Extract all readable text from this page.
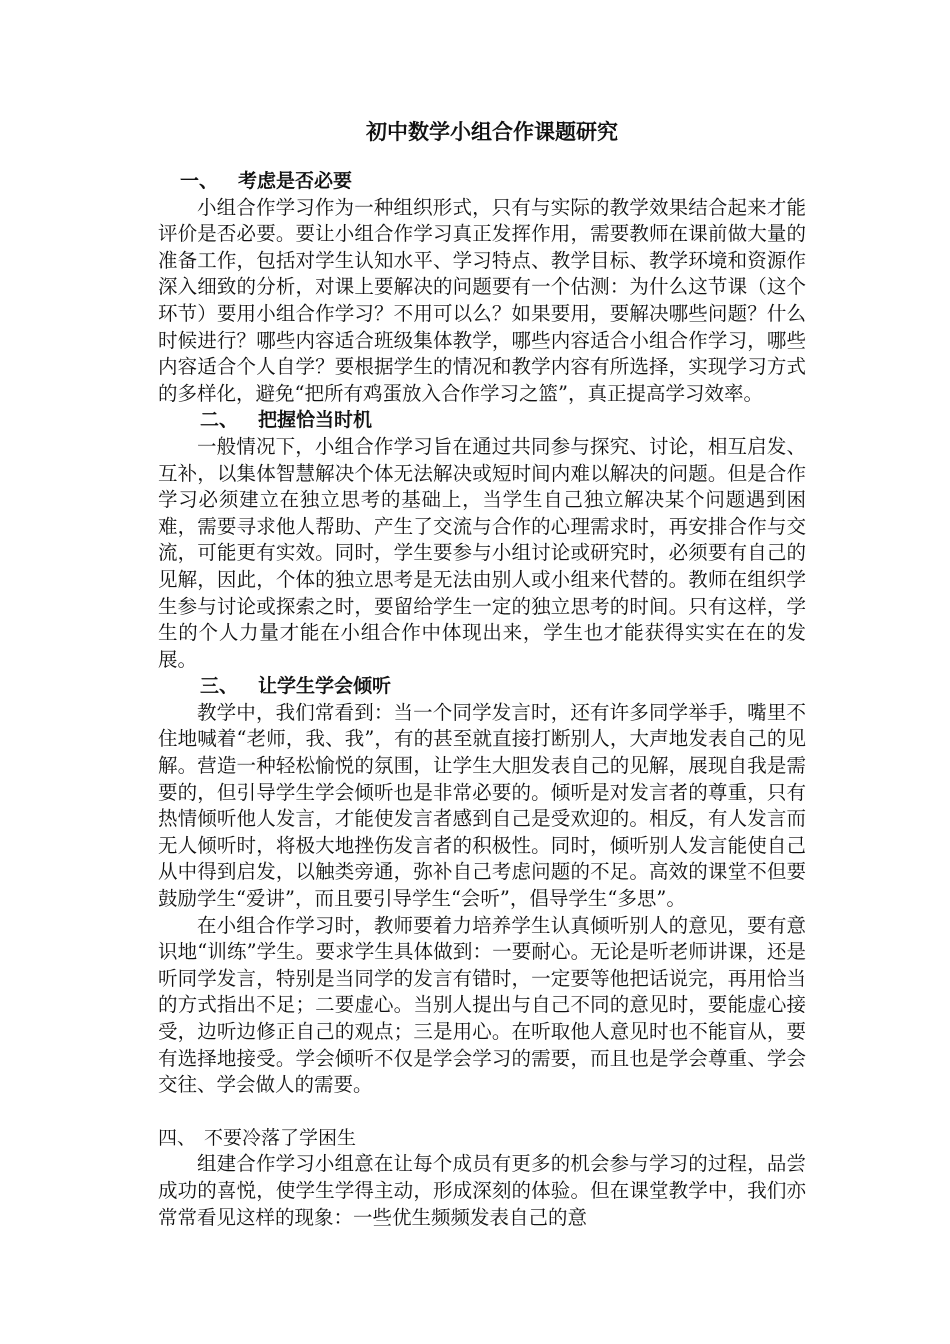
初中数学小组合作课题研究

一、 考虑是否必要

小组合作学习作为一种组织形式，只有与实际的教学效果结合起来才能评价是否必要。要让小组合作学习真正发挥作用，需要教师在课前做大量的准备工作，包括对学生认知水平、学习特点、教学目标、教学环境和资源作深入细致的分析，对课上要解决的问题要有一个估测：为什么这节课（这个环节）要用小组合作学习？不用可以么？如果要用，要解决哪些问题？什么时候进行？哪些内容适合班级集体教学，哪些内容适合小组合作学习，哪些内容适合个人自学？要根据学生的情况和教学内容有所选择，实现学习方式的多样化，避免“把所有鸡蛋放入合作学习之篮”，真正提高学习效率。

二、 把握恰当时机

一般情况下，小组合作学习旨在通过共同参与探究、讨论，相互启发、互补，以集体智慧解决个体无法解决或短时间内难以解决的问题。但是合作学习必须建立在独立思考的基础上，当学生自己独立解决某个问题遇到困难，需要寻求他人帮助、产生了交流与合作的心理需求时，再安排合作与交流，可能更有实效。同时，学生要参与小组讨论或研究时，必须要有自己的见解，因此，个体的独立思考是无法由别人或小组来代替的。教师在组织学生参与讨论或探索之时，要留给学生一定的独立思考的时间。只有这样，学生的个人力量才能在小组合作中体现出来，学生也才能获得实实在在的发展。

三、 让学生学会倾听

教学中，我们常看到：当一个同学发言时，还有许多同学举手，嘴里不住地喊着“老师，我、我”，有的甚至就直接打断别人，大声地发表自己的见解。营造一种轻松愉悦的氛围，让学生大胆发表自己的见解，展现自我是需要的，但引导学生学会倾听也是非常必要的。倾听是对发言者的尊重，只有热情倾听他人发言，才能使发言者感到自己是受欢迎的。相反，有人发言而无人倾听时，将极大地挫伤发言者的积极性。同时，倾听别人发言能使自己从中得到启发，以触类旁通，弥补自己考虑问题的不足。高效的课堂不但要鼓励学生“爱讲”，而且要引导学生“会听”，倡导学生“多思”。

在小组合作学习时，教师要着力培养学生认真倾听别人的意见，要有意识地“训练”学生。要求学生具体做到：一要耐心。无论是听老师讲课，还是听同学发言，特别是当同学的发言有错时，一定要等他把话说完，再用恰当的方式指出不足；二要虚心。当别人提出与自己不同的意见时，要能虚心接受，边听边修正自己的观点；三是用心。在听取他人意见时也不能盲从，要有选择地接受。学会倾听不仅是学会学习的需要，而且也是学会尊重、学会交往、学会做人的需要。

四、 不要冷落了学困生

组建合作学习小组意在让每个成员有更多的机会参与学习的过程，品尝成功的喜悦，使学生学得主动，形成深刻的体验。但在课堂教学中，我们亦常常看见这样的现象：一些优生频频发表自己的意
